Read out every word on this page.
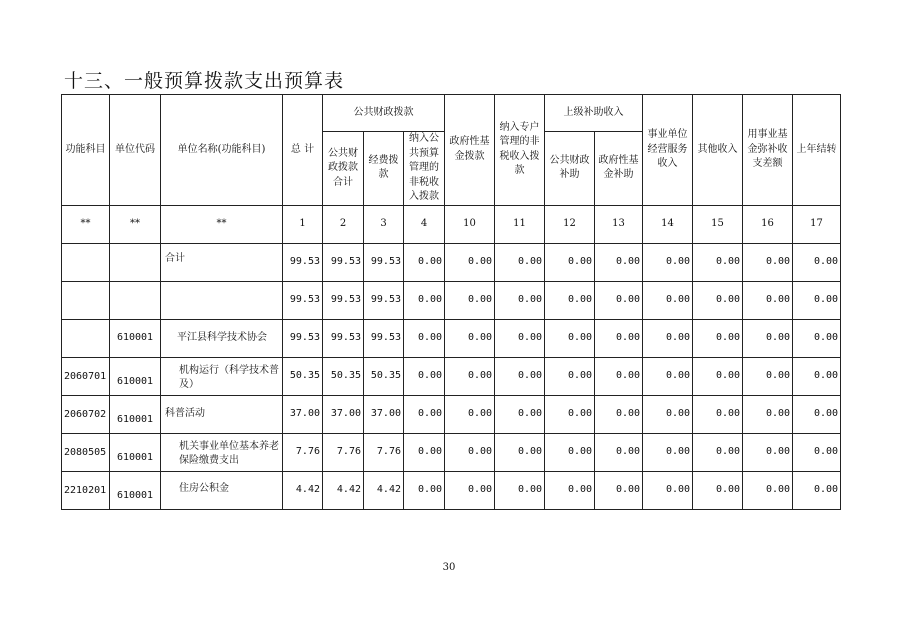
十三、一般预算拨款支出预算表
功能科目	单位代码	单位名称(功能科目)	总 计	公共财政拨款			政府性基金拨款	纳入专户管理的非税收入拨款	上级补助收入		事业单位经营服务收入	其他收入	用事业基金弥补收支差额	上年结转
				公共财政拨款合计	经费拨款	纳入公共预算管理的非税收入拨款			公共财政补助	政府性基金补助				

**	**	**	1	2	3	4	10	11	12	13	14	15	16	17
		合计	99.53	99.53	99.53	0.00	0.00	0.00	0.00	0.00	0.00	0.00	0.00	0.00
			99.53	99.53	99.53	0.00	0.00	0.00	0.00	0.00	0.00	0.00	0.00	0.00
	610001	平江县科学技术协会	99.53	99.53	99.53	0.00	0.00	0.00	0.00	0.00	0.00	0.00	0.00	0.00
2060701	610001	机构运行（科学技术普及）	50.35	50.35	50.35	0.00	0.00	0.00	0.00	0.00	0.00	0.00	0.00	0.00
2060702	610001	科普活动	37.00	37.00	37.00	0.00	0.00	0.00	0.00	0.00	0.00	0.00	0.00	0.00
2080505	610001	机关事业单位基本养老保险缴费支出	7.76	7.76	7.76	0.00	0.00	0.00	0.00	0.00	0.00	0.00	0.00	0.00
2210201	610001	住房公积金	4.42	4.42	4.42	0.00	0.00	0.00	0.00	0.00	0.00	0.00	0.00	0.00
30
